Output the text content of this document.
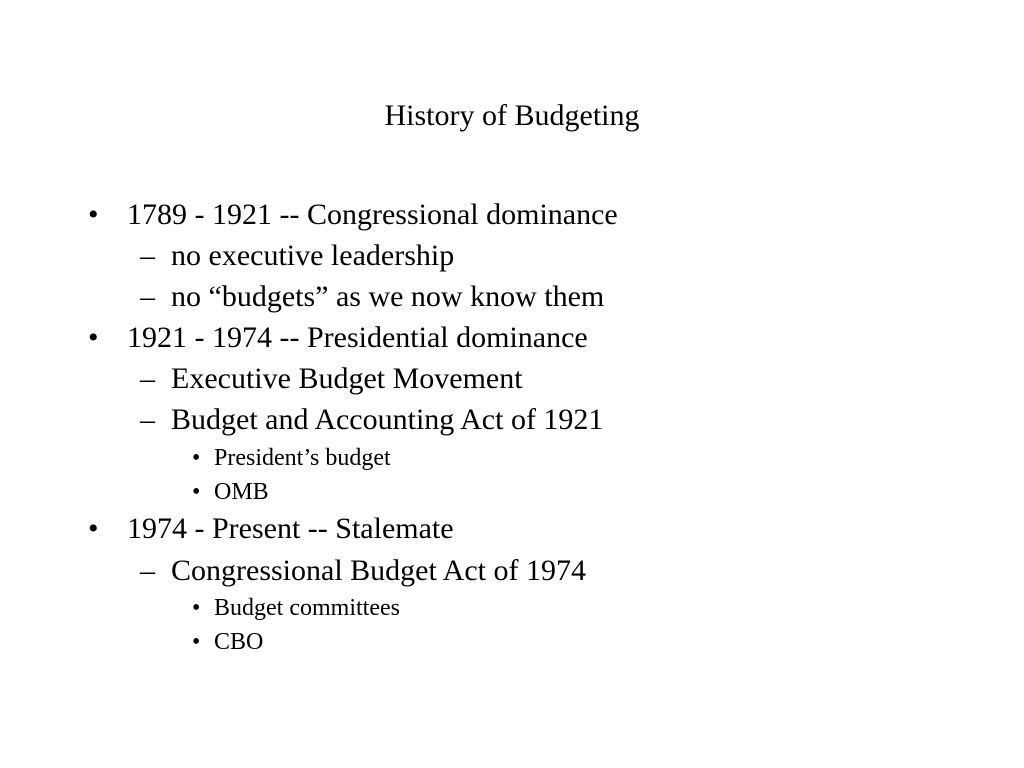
History of Budgeting
• 1789 - 1921 -- Congressional dominance
– no executive leadership
– no “budgets” as we now know them
• 1921 - 1974 -- Presidential dominance
– Executive Budget Movement
– Budget and Accounting Act of 1921
• President’s budget
• OMB
• 1974 - Present -- Stalemate
– Congressional Budget Act of 1974
• Budget committees
• CBO
